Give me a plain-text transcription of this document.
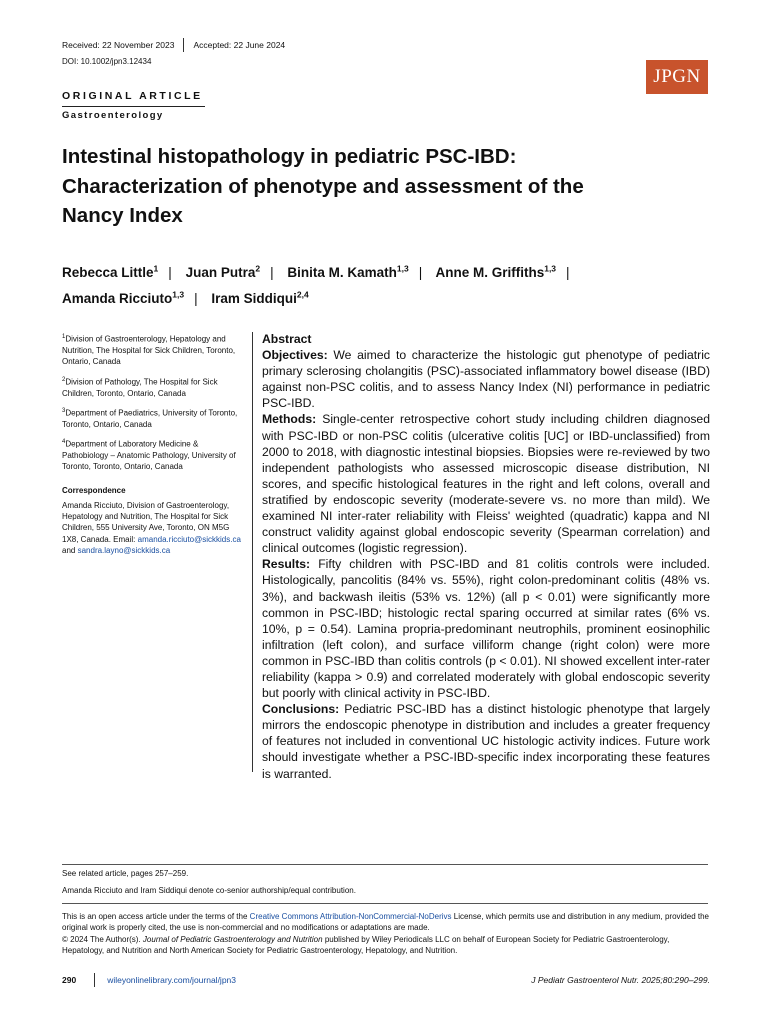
Received: 22 November 2023 Accepted: 22 June 2024
DOI: 10.1002/jpn3.12434
JPGN
ORIGINAL ARTICLE
Gastroenterology
Intestinal histopathology in pediatric PSC-IBD: Characterization of phenotype and assessment of the Nancy Index
Rebecca Little$^1$ | Juan Putra$^2$ | Binita M. Kamath$^{1,3}$ | Anne M. Griffiths$^{1,3}$ |
Amanda Ricciuto$^{1,3}$ | Iram Siddiqui$^{2,4}$

$^1$Division of Gastroenterology, Hepatology and Nutrition, The Hospital for Sick Children, Toronto, Ontario, Canada

$^2$Division of Pathology, The Hospital for Sick Children, Toronto, Ontario, Canada

$^3$Department of Paediatrics, University of Toronto, Toronto, Ontario, Canada

$^4$Department of Laboratory Medicine & Pathobiology – Anatomic Pathology, University of Toronto, Toronto, Ontario, Canada

Correspondence
Amanda Ricciuto, Division of Gastroenterology, Hepatology and Nutrition, The Hospital for Sick Children, 555 University Ave, Toronto, ON M5G 1X8, Canada. Email: amanda.ricciuto@sickkids.ca and sandra.layno@sickkids.ca

Abstract

Objectives: We aimed to characterize the histologic gut phenotype of pediatric primary sclerosing cholangitis (PSC)-associated inflammatory bowel disease (IBD) against non-PSC colitis, and to assess Nancy Index (NI) performance in pediatric PSC-IBD.

Methods: Single-center retrospective cohort study including children diagnosed with PSC-IBD or non-PSC colitis (ulcerative colitis [UC] or IBD-unclassified) from 2000 to 2018, with diagnostic intestinal biopsies. Biopsies were re-reviewed by two independent pathologists who assessed microscopic disease distribution, NI scores, and specific histological features in the right and left colons, overall and stratified by endoscopic severity (moderate-severe vs. no more than mild). We examined NI inter-rater reliability with Fleiss' weighted (quadratic) kappa and NI construct validity against global endoscopic severity (Spearman correlation) and clinical outcomes (logistic regression).

Results: Fifty children with PSC-IBD and 81 colitis controls were included. Histologically, pancolitis (84% vs. 55%), right colon-predominant colitis (48% vs. 3%), and backwash ileitis (53% vs. 12%) (all p < 0.01) were significantly more common in PSC-IBD; histologic rectal sparing occurred at similar rates (6% vs. 10%, p = 0.54). Lamina propria-predominant neutrophils, prominent eosinophilic infiltration (left colon), and surface villiform change (right colon) were more common in PSC-IBD than colitis controls (p < 0.01). NI showed excellent inter-rater reliability (kappa > 0.9) and correlated moderately with global endoscopic severity but poorly with clinical activity in PSC-IBD.

Conclusions: Pediatric PSC-IBD has a distinct histologic phenotype that largely mirrors the endoscopic phenotype in distribution and includes a greater frequency of features not included in conventional UC histologic activity indices. Future work should investigate whether a PSC-IBD-specific index incorporating these features is warranted.

See related article, pages 257–259.
Amanda Ricciuto and Iram Siddiqui denote co-senior authorship/equal contribution.

This is an open access article under the terms of the Creative Commons Attribution-NonCommercial-NoDerivs License, which permits use and distribution in any medium, provided the original work is properly cited, the use is non-commercial and no modifications or adaptations are made.

© 2024 The Author(s). Journal of Pediatric Gastroenterology and Nutrition published by Wiley Periodicals LLC on behalf of European Society for Pediatric Gastroenterology, Hepatology, and Nutrition and North American Society for Pediatric Gastroenterology, Hepatology, and Nutrition.

290	wileyonlinelibrary.com/journal/jpn3	J Pediatr Gastroenterol Nutr. 2025;80:290–299.
